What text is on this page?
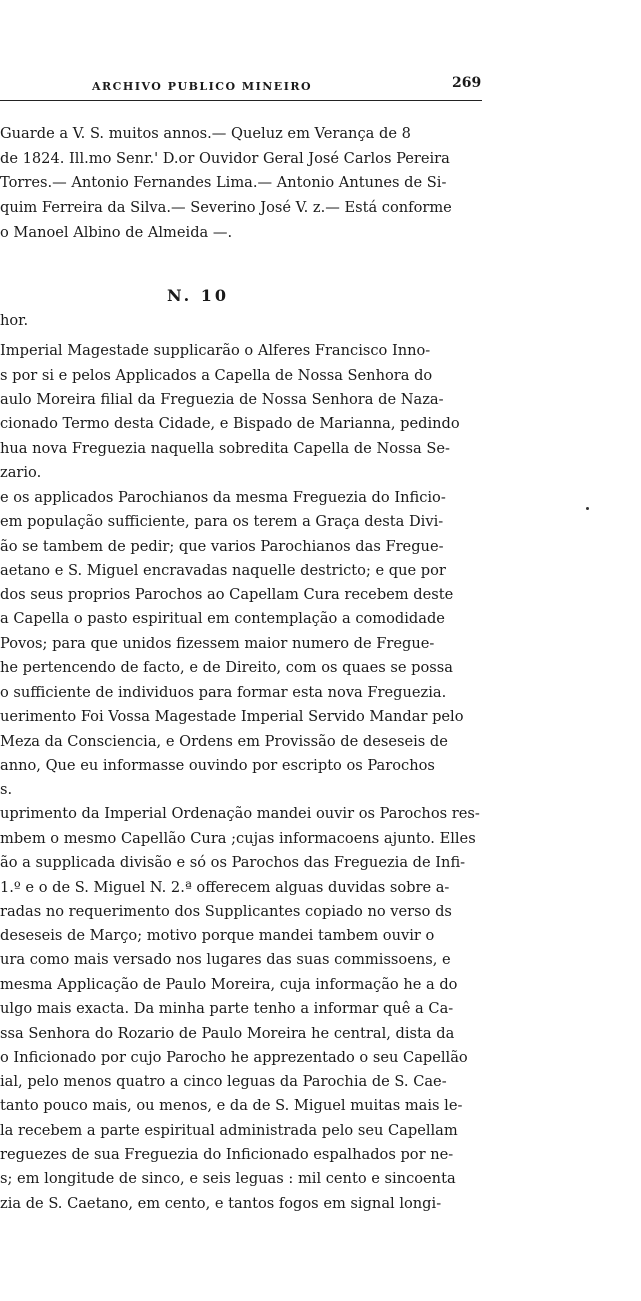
ARCHIVO PUBLICO MINEIRO	269
Guarde a V. S. muitos annos.— Queluz em Verança de 8
de 1824. Ill.mo Senr.' D.or Ouvidor Geral José Carlos Pereira
Torres.— Antonio Fernandes Lima.— Antonio Antunes de Si-
quim Ferreira da Silva.— Severino José V. z.— Está conforme
o Manoel Albino de Almeida —.
N. 10
hor.
Imperial Magestade supplicarão o Alferes Francisco Inno-
s por si e pelos Applicados a Capella de Nossa Senhora do
aulo Moreira filial da Freguezia de Nossa Senhora de Naza-
cionado Termo desta Cidade, e Bispado de Marianna, pedindo
hua nova Freguezia naquella sobredita Capella de Nossa Se-
zario.
e os applicados Parochianos da mesma Freguezia do Inficio-
em população sufficiente, para os terem a Graça desta Divi-
ão se tambem de pedir; que varios Parochianos das Fregue-
aetano e S. Miguel encravadas naquelle destricto; e que por
dos seus proprios Parochos ao Capellam Cura recebem deste
a Capella o pasto espiritual em contemplação a comodidade
Povos; para que unidos fizessem maior numero de Fregue-
he pertencendo de facto, e de Direito, com os quaes se possa
o sufficiente de individuos para formar esta nova Freguezia.
uerimento Foi Vossa Magestade Imperial Servido Mandar pelo
Meza da Consciencia, e Ordens em Provissão de deseseis de
anno, Que eu informasse ouvindo por escripto os Parochos
s.
uprimento da Imperial Ordenação mandei ouvir os Parochos res-
mbem o mesmo Capellão Cura ;cujas informacoens ajunto. Elles
ão a supplicada divisão e só os Parochos das Freguezia de Infi-
1.º e o de S. Miguel N. 2.ª offerecem alguas duvidas sobre a-
radas no requerimento dos Supplicantes copiado no verso ds
deseseis de Março; motivo porque mandei tambem ouvir o
ura como mais versado nos lugares das suas commissoens, e
mesma Applicação de Paulo Moreira, cuja informação he a do
ulgo mais exacta. Da minha parte tenho a informar quê a Ca-
ssa Senhora do Rozario de Paulo Moreira he central, dista da
o Inficionado por cujo Parocho he apprezentado o seu Capellão
ial, pelo menos quatro a cinco leguas da Parochia de S. Cae-
tanto pouco mais, ou menos, e da de S. Miguel muitas mais le-
la recebem a parte espiritual administrada pelo seu Capellam
reguezes de sua Freguezia do Inficionado espalhados por ne-
s; em longitude de sinco, e seis leguas : mil cento e sincoenta
zia de S. Caetano, em cento, e tantos fogos em signal longi-
